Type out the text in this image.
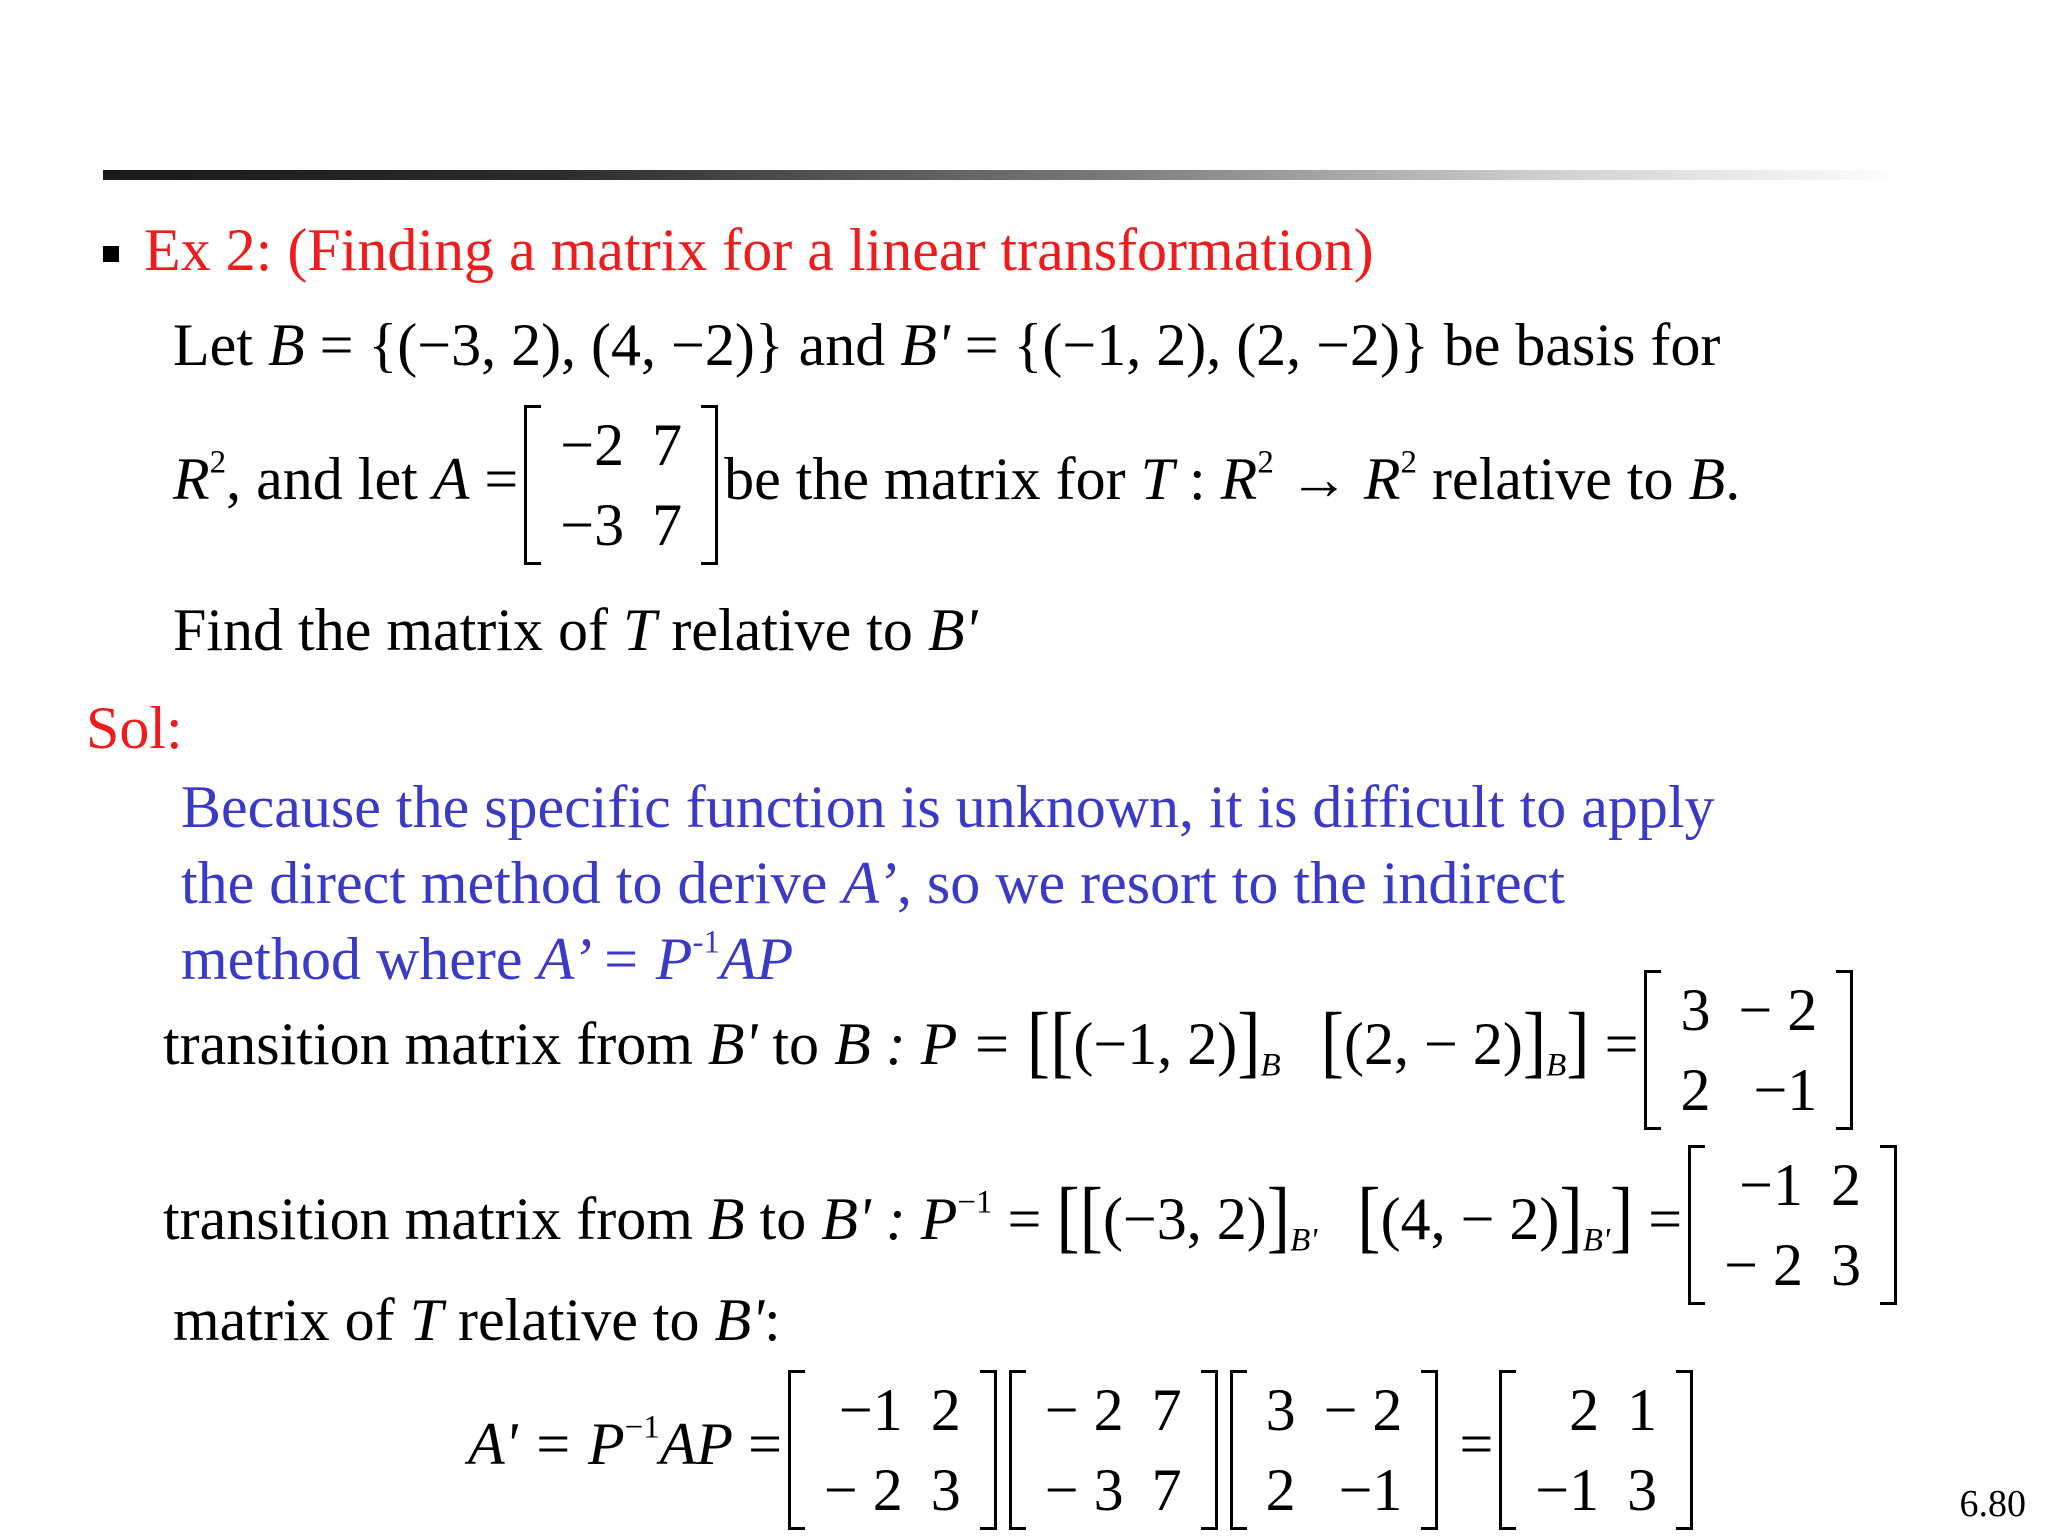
Ex 2: (Finding a matrix for a linear transformation)
Let B = {(−3, 2), (4, −2)} and B' = {(−1, 2), (2, −2)} be basis for
$R^2$, and let A =
−2	7
−3	7
be the matrix for T : $R^2 \to R^2$ relative to B.
Find the matrix of T relative to B'
Sol:
Because the specific function is unknown, it is difficult to apply
the direct method to derive A’, so we resort to the indirect
method where A’ = $P^{-1}AP$
transition matrix from B' to B : P = [[(−1, $2)]_B$ [(2, − $2)]_B$] =
3	− 2
2	−1
transition matrix from B to B' : $P^{-1} = [[(-3$, $2)]_{B'}$ [(4, − $2)]_{B'}$] =
−1	2
− 2	3
matrix of T relative to B':
$A' = P^{-1}AP$ =
−1	2
− 2	3
− 2	7
− 3	7
3	− 2
2	−1
=
2	1
−1	3	6.80
